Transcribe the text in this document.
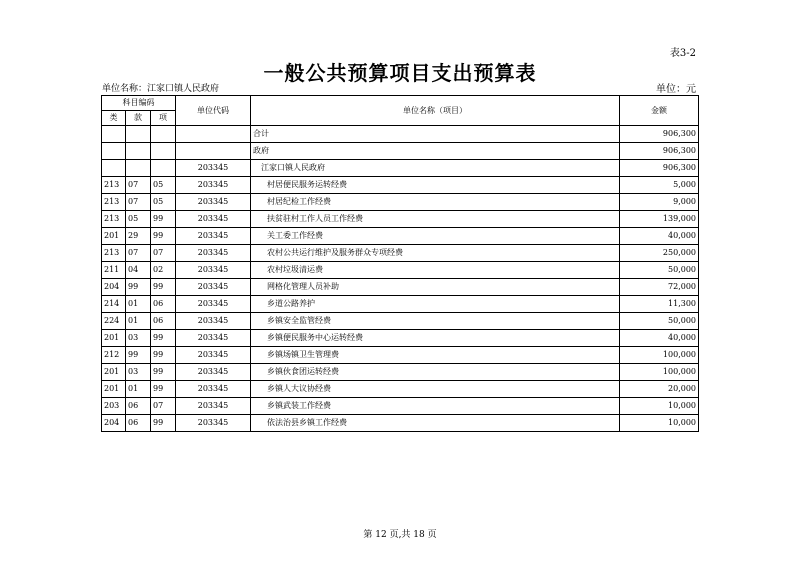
表3-2
一般公共预算项目支出预算表
单位名称：江家口镇人民政府	单位：元
科目编码			单位代码	单位名称（项目）	金额
类	款	项			
				合计	906,300
				政府	906,300
			203345	江家口镇人民政府	906,300
213	07	05	203345	村居便民服务运转经费	5,000
213	07	05	203345	村居纪检工作经费	9,000
213	05	99	203345	扶贫驻村工作人员工作经费	139,000
201	29	99	203345	关工委工作经费	40,000
213	07	07	203345	农村公共运行维护及服务群众专项经费	250,000
211	04	02	203345	农村垃圾清运费	50,000
204	99	99	203345	网格化管理人员补助	72,000
214	01	06	203345	乡道公路养护	11,300
224	01	06	203345	乡镇安全监管经费	50,000
201	03	99	203345	乡镇便民服务中心运转经费	40,000
212	99	99	203345	乡镇场镇卫生管理费	100,000
201	03	99	203345	乡镇伙食团运转经费	100,000
201	01	99	203345	乡镇人大议协经费	20,000
203	06	07	203345	乡镇武装工作经费	10,000
204	06	99	203345	依法治县乡镇工作经费	10,000
第 12 页,共 18 页
